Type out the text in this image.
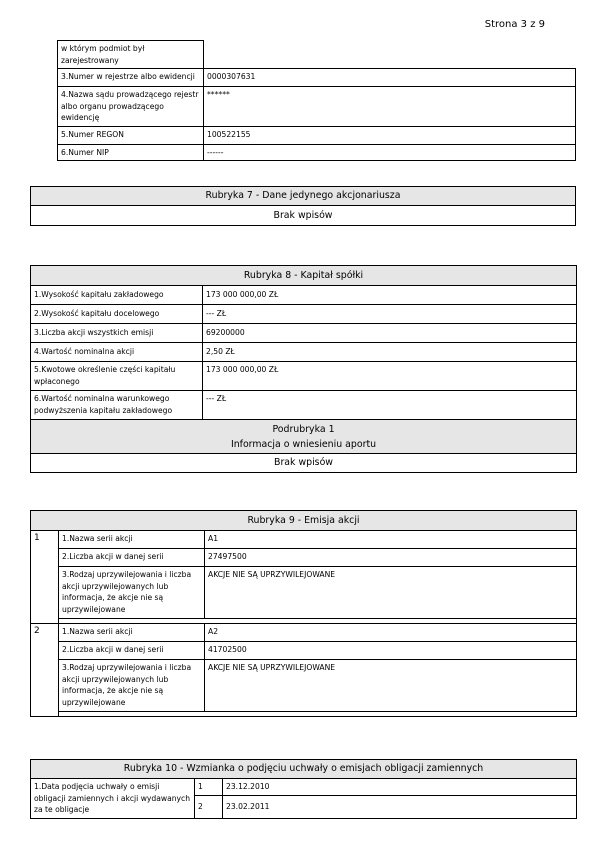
Strona 3 z 9
w którym podmiot był zarejestrowany	
3.Numer w rejestrze albo ewidencji	0000307631
4.Nazwa sądu prowadzącego rejestr albo organu prowadzącego ewidencję	******
5.Numer REGON	100522155
6.Numer NIP	------
Rubryka 7 - Dane jedynego akcjonariusza
Brak wpisów
Rubryka 8 - Kapitał spółki	
1.Wysokość kapitału zakładowego	173 000 000,00 ZŁ
2.Wysokość kapitału docelowego	--- ZŁ
3.Liczba akcji wszystkich emisji	69200000
4.Wartość nominalna akcji	2,50 ZŁ
5.Kwotowe określenie części kapitału wpłaconego	173 000 000,00 ZŁ
6.Wartość nominalna warunkowego podwyższenia kapitału zakładowego	--- ZŁ

Podrubryka 1
Informacja o wniesieniu aportu	

Brak wpisów	
Rubryka 9 - Emisja akcji		
1	1.Nazwa serii akcji	A1
	2.Liczba akcji w danej serii	27497500
	3.Rodzaj uprzywilejowania i liczba akcji uprzywilejowanych lub informacja, że akcje nie są uprzywilejowane	AKCJE NIE SĄ UPRZYWILEJOWANE

2	1.Nazwa serii akcji	A2
	2.Liczba akcji w danej serii	41702500
	3.Rodzaj uprzywilejowania i liczba akcji uprzywilejowanych lub informacja, że akcje nie są uprzywilejowane	AKCJE NIE SĄ UPRZYWILEJOWANE

Rubryka 10 - Wzmianka o podjęciu uchwały o emisjach obligacji zamiennych		
1.Data podjęcia uchwały o emisji obligacji zamiennych i akcji wydawanych za te obligacje	1	23.12.2010
	2	23.02.2011
